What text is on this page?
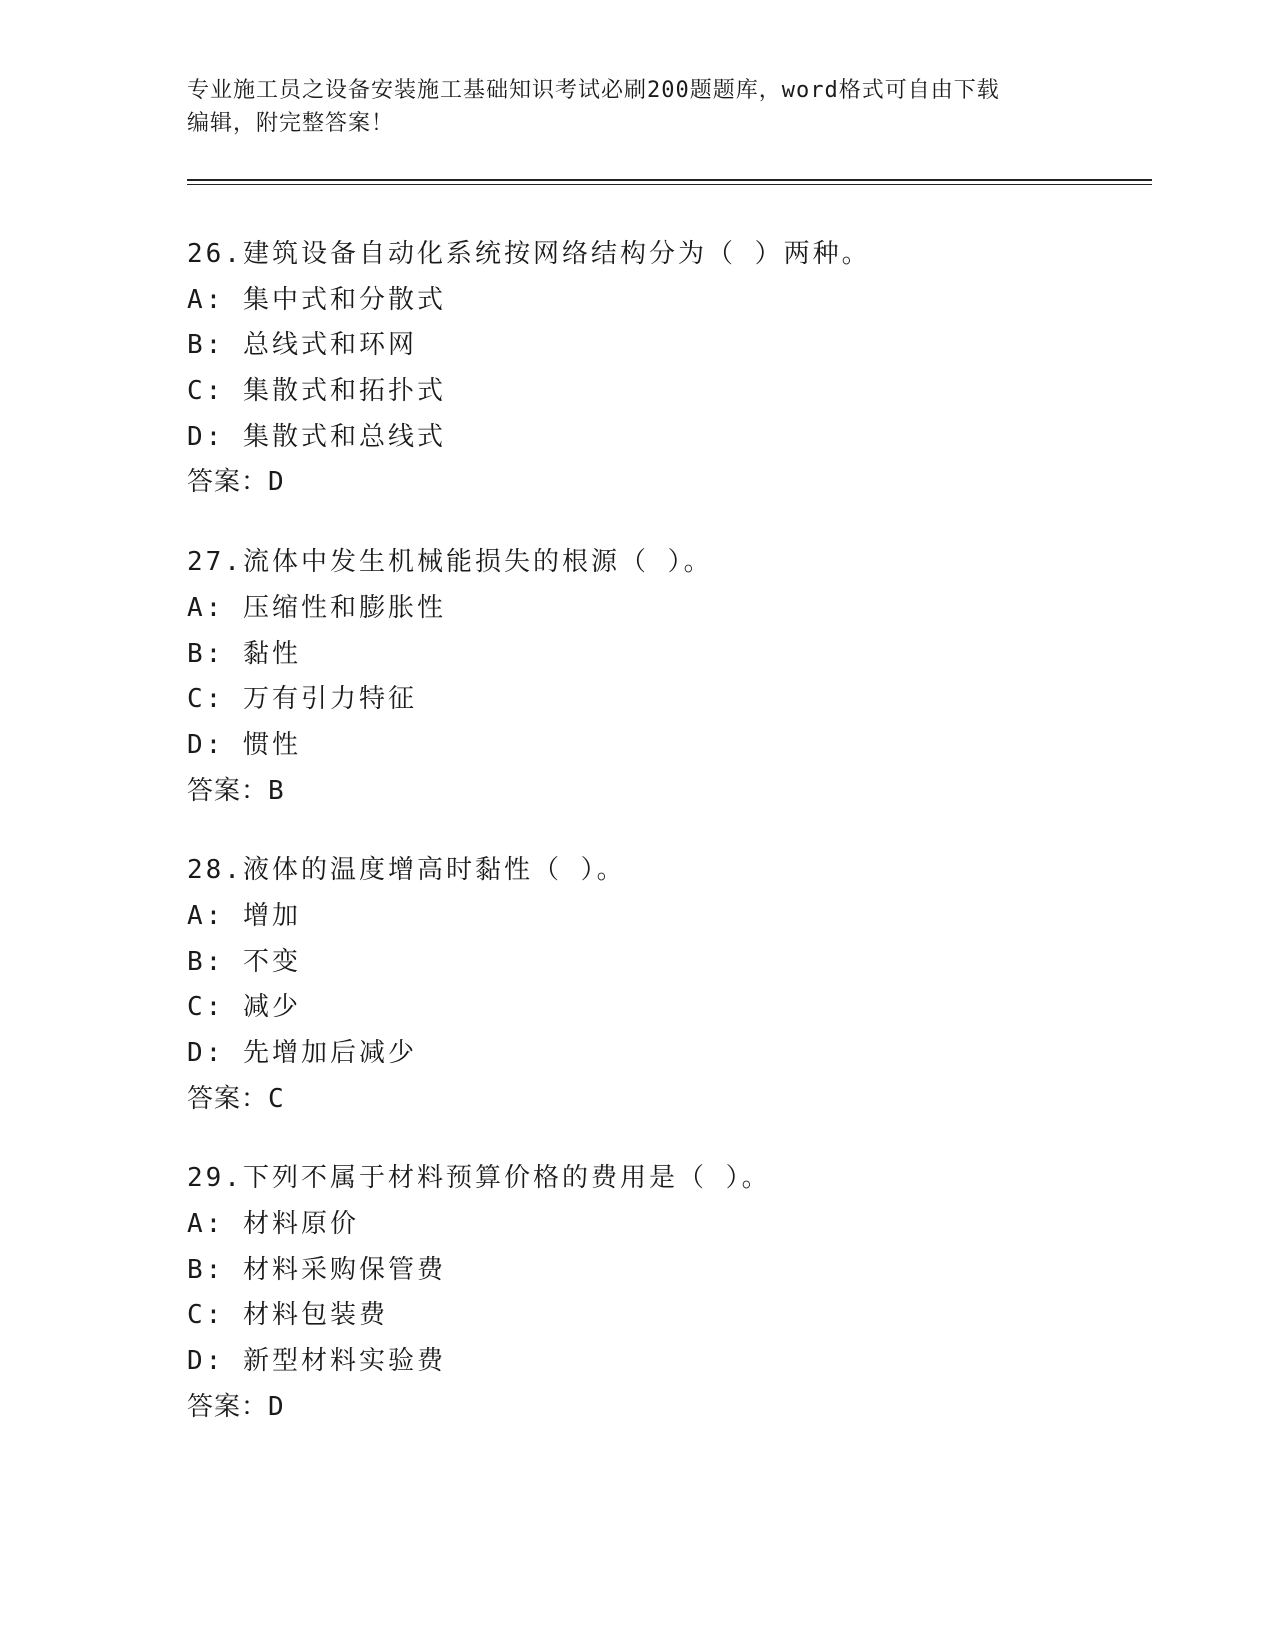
专业施工员之设备安装施工基础知识考试必刷200题题库，word格式可自由下载
编辑，附完整答案！
26.建筑设备自动化系统按网络结构分为（ ）两种。
A: 集中式和分散式
B: 总线式和环网
C: 集散式和拓扑式
D: 集散式和总线式
答案：D
27.流体中发生机械能损失的根源（ ）。
A: 压缩性和膨胀性
B: 黏性
C: 万有引力特征
D: 惯性
答案：B
28.液体的温度增高时黏性（ ）。
A: 增加
B: 不变
C: 减少
D: 先增加后减少
答案：C
29.下列不属于材料预算价格的费用是（ ）。
A: 材料原价
B: 材料采购保管费
C: 材料包装费
D: 新型材料实验费
答案：D
